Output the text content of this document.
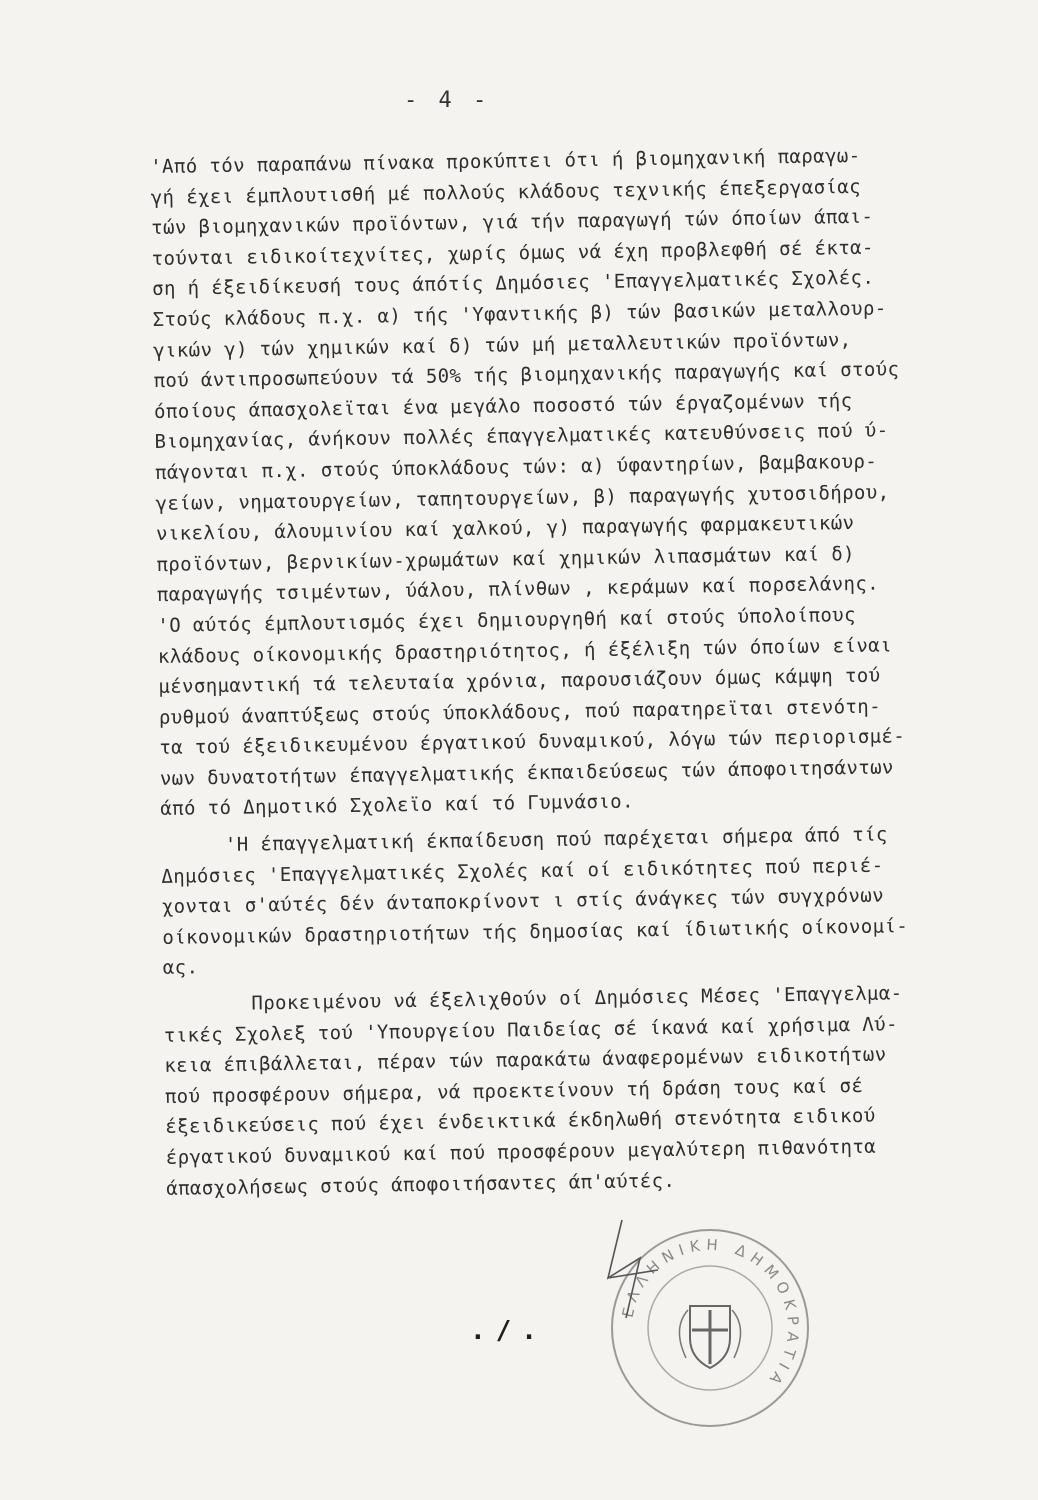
- 4 -
'Από τόν παραπάνω πίνακα προκύπτει ότι ή βιομηχανική παραγω-
γή έχει έμπλουτισθή μέ πολλούς κλάδους τεχνικής έπεξεργασίας
τών βιομηχανικών προϊόντων, γιά τήν παραγωγή τών όποίων άπαι-
τούνται ειδικοίτεχνίτες, χωρίς όμως νά έχη προβλεφθή σέ έκτα-
ση ή έξειδίκευσή τους άπότίς Δημόσιες 'Επαγγελματικές Σχολές.
Στούς κλάδους π.χ. α) τής 'Υφαντικής β) τών βασικών μεταλλουρ-
γικών γ) τών χημικών καί δ) τών μή μεταλλευτικών προϊόντων,
πού άντιπροσωπεύουν τά 50% τής βιομηχανικής παραγωγής καί στούς
όποίους άπασχολεϊται ένα μεγάλο ποσοστό τών έργαζομένων τής
Βιομηχανίας, άνήκουν πολλές έπαγγελματικές κατευθύνσεις πού ύ-
πάγονται π.χ. στούς ύποκλάδους τών: α) ύφαντηρίων, βαμβακουρ-
γείων, νηματουργείων, ταπητουργείων, β) παραγωγής χυτοσιδήρου,
νικελίου, άλουμινίου καί χαλκού, γ) παραγωγής φαρμακευτικών
προϊόντων, βερνικίων-χρωμάτων καί χημικών λιπασμάτων καί δ)
παραγωγής τσιμέντων, ύάλου, πλίνθων , κεράμων καί πορσελάνης.
'Ο αύτός έμπλουτισμός έχει δημιουργηθή καί στούς ύπολοίπους
κλάδους οίκονομικής δραστηριότητος, ή έξέλιξη τών όποίων είναι
μένσημαντική τά τελευταία χρόνια, παρουσιάζουν όμως κάμψη τού
ρυθμού άναπτύξεως στούς ύποκλάδους, πού παρατηρεϊται στενότη-
τα τού έξειδικευμένου έργατικού δυναμικού, λόγω τών περιορισμέ-
νων δυνατοτήτων έπαγγελματικής έκπαιδεύσεως τών άποφοιτησάντων
άπό τό Δημοτικό Σχολεϊο καί τό Γυμνάσιο.
'Η έπαγγελματική έκπαίδευση πού παρέχεται σήμερα άπό τίς
Δημόσιες 'Επαγγελματικές Σχολές καί οί ειδικότητες πού περιέ-
χονται σ'αύτές δέν άνταποκρίνοντ ι στίς άνάγκες τών συγχρόνων
οίκονομικών δραστηριοτήτων τής δημοσίας καί ίδιωτικής οίκονομί-
ας.
Προκειμένου νά έξελιχθούν οί Δημόσιες Μέσες 'Επαγγελμα-
τικές Σχολεξ τού 'Υπουργείου Παιδείας σέ ίκανά καί χρήσιμα Λύ-
κεια έπιβάλλεται, πέραν τών παρακάτω άναφερομένων ειδικοτήτων
πού προσφέρουν σήμερα, νά προεκτείνουν τή δράση τους καί σέ
έξειδικεύσεις πού έχει ένδεικτικά έκδηλωθή στενότητα ειδικού
έργατικού δυναμικού καί πού προσφέρουν μεγαλύτερη πιθανότητα
άπασχολήσεως στούς άποφοιτήσαντες άπ'αύτές.
./.
ΕΛΛΗΝΙΚΗ ΔΗΜΟΚΡΑΤΙΑ
